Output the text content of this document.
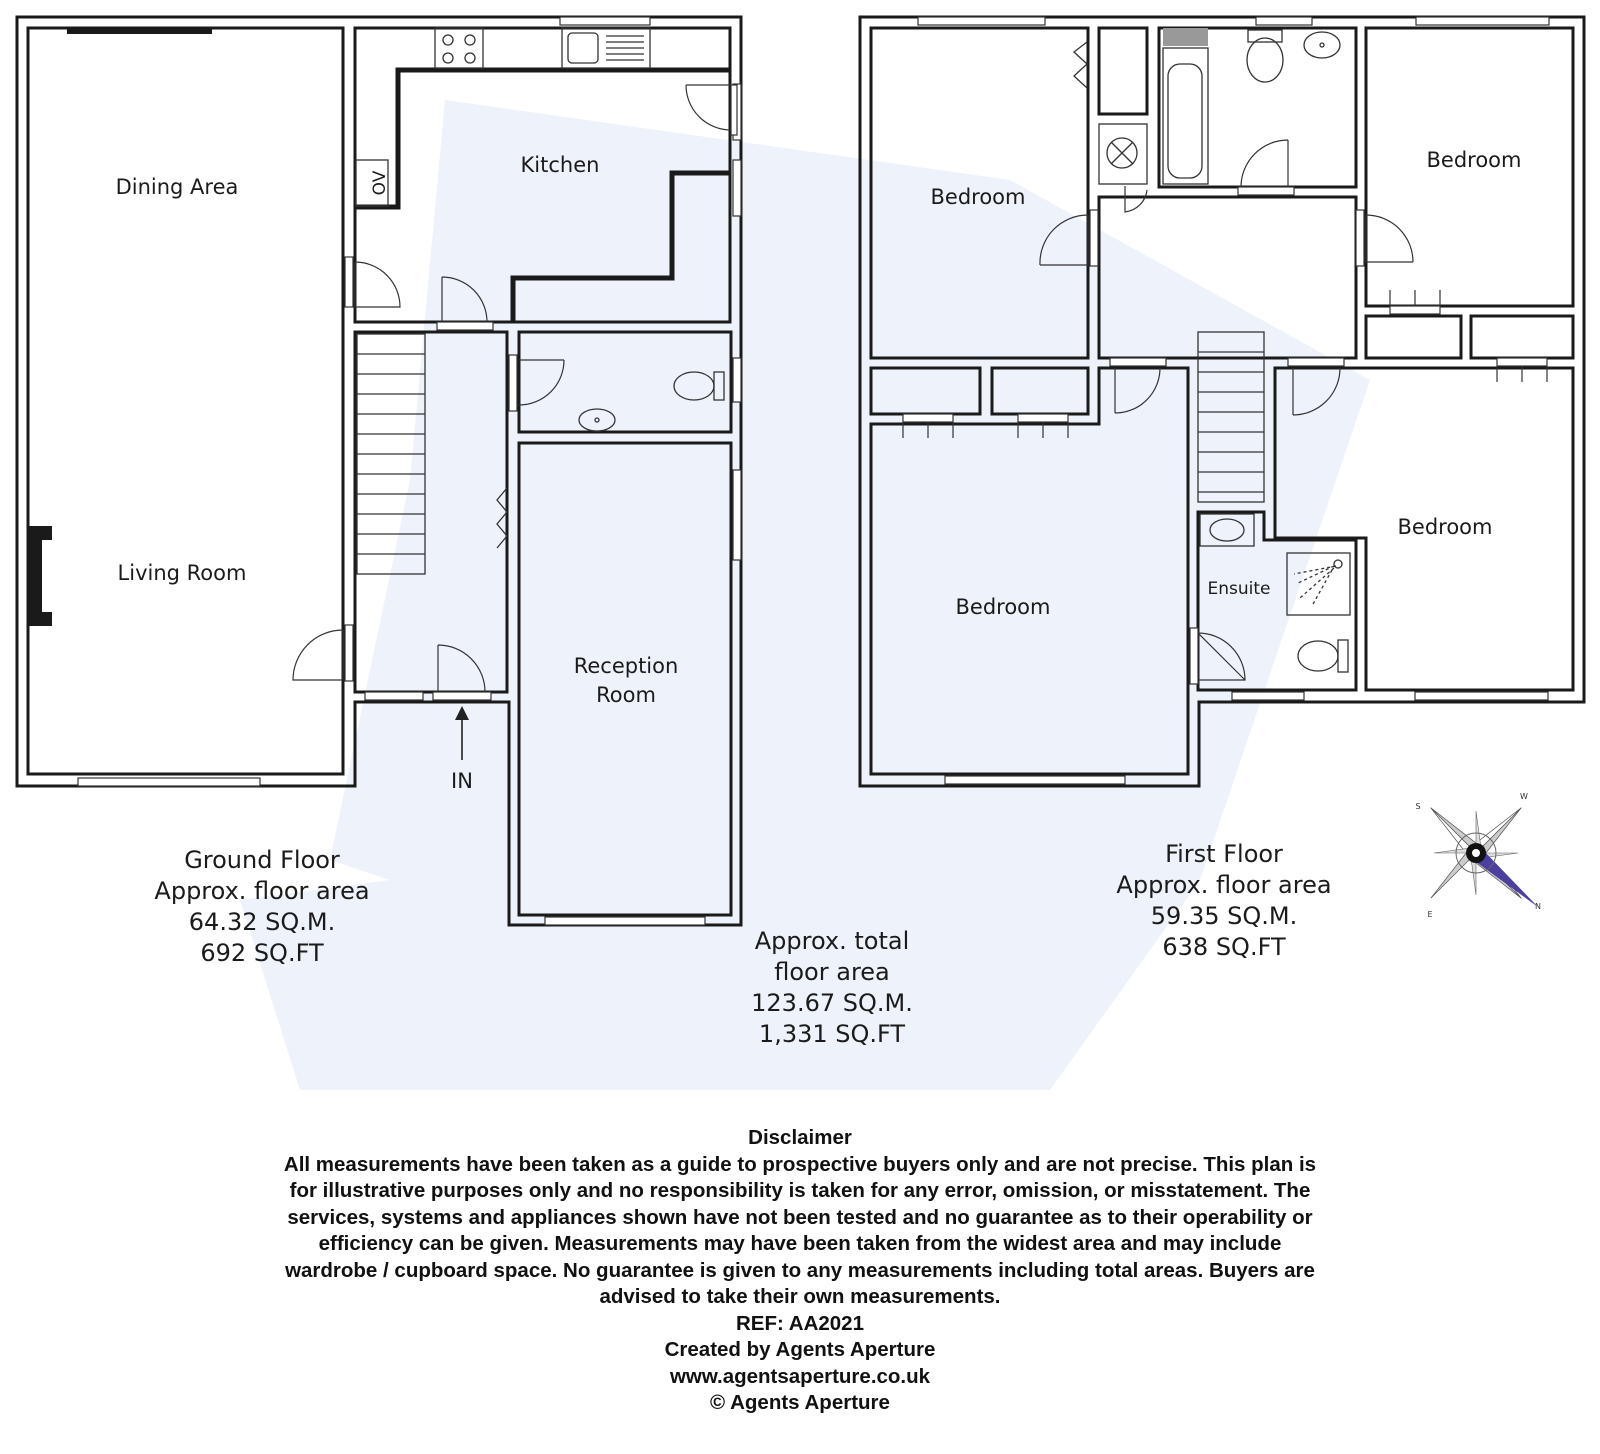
Dining Area
Living Room
Kitchen
Reception
Room
OV
IN
Ground Floor
Approx. floor area
64.32 SQ.M.
692 SQ.FT
Bedroom
Bedroom
Bedroom
Bedroom
Ensuite
First Floor
Approx. floor area
59.35 SQ.M.
638 SQ.FT
Approx. total
floor area
123.67 SQ.M.
1,331 SQ.FT
S
W
E
N
Disclaimer
All measurements have been taken as a guide to prospective buyers only and are not precise. This plan is
for illustrative purposes only and no responsibility is taken for any error, omission, or misstatement. The
services, systems and appliances shown have not been tested and no guarantee as to their operability or
efficiency can be given. Measurements may have been taken from the widest area and may include
wardrobe / cupboard space. No guarantee is given to any measurements including total areas. Buyers are
advised to take their own measurements.
REF: AA2021
Created by Agents Aperture
www.agentsaperture.co.uk
© Agents Aperture
